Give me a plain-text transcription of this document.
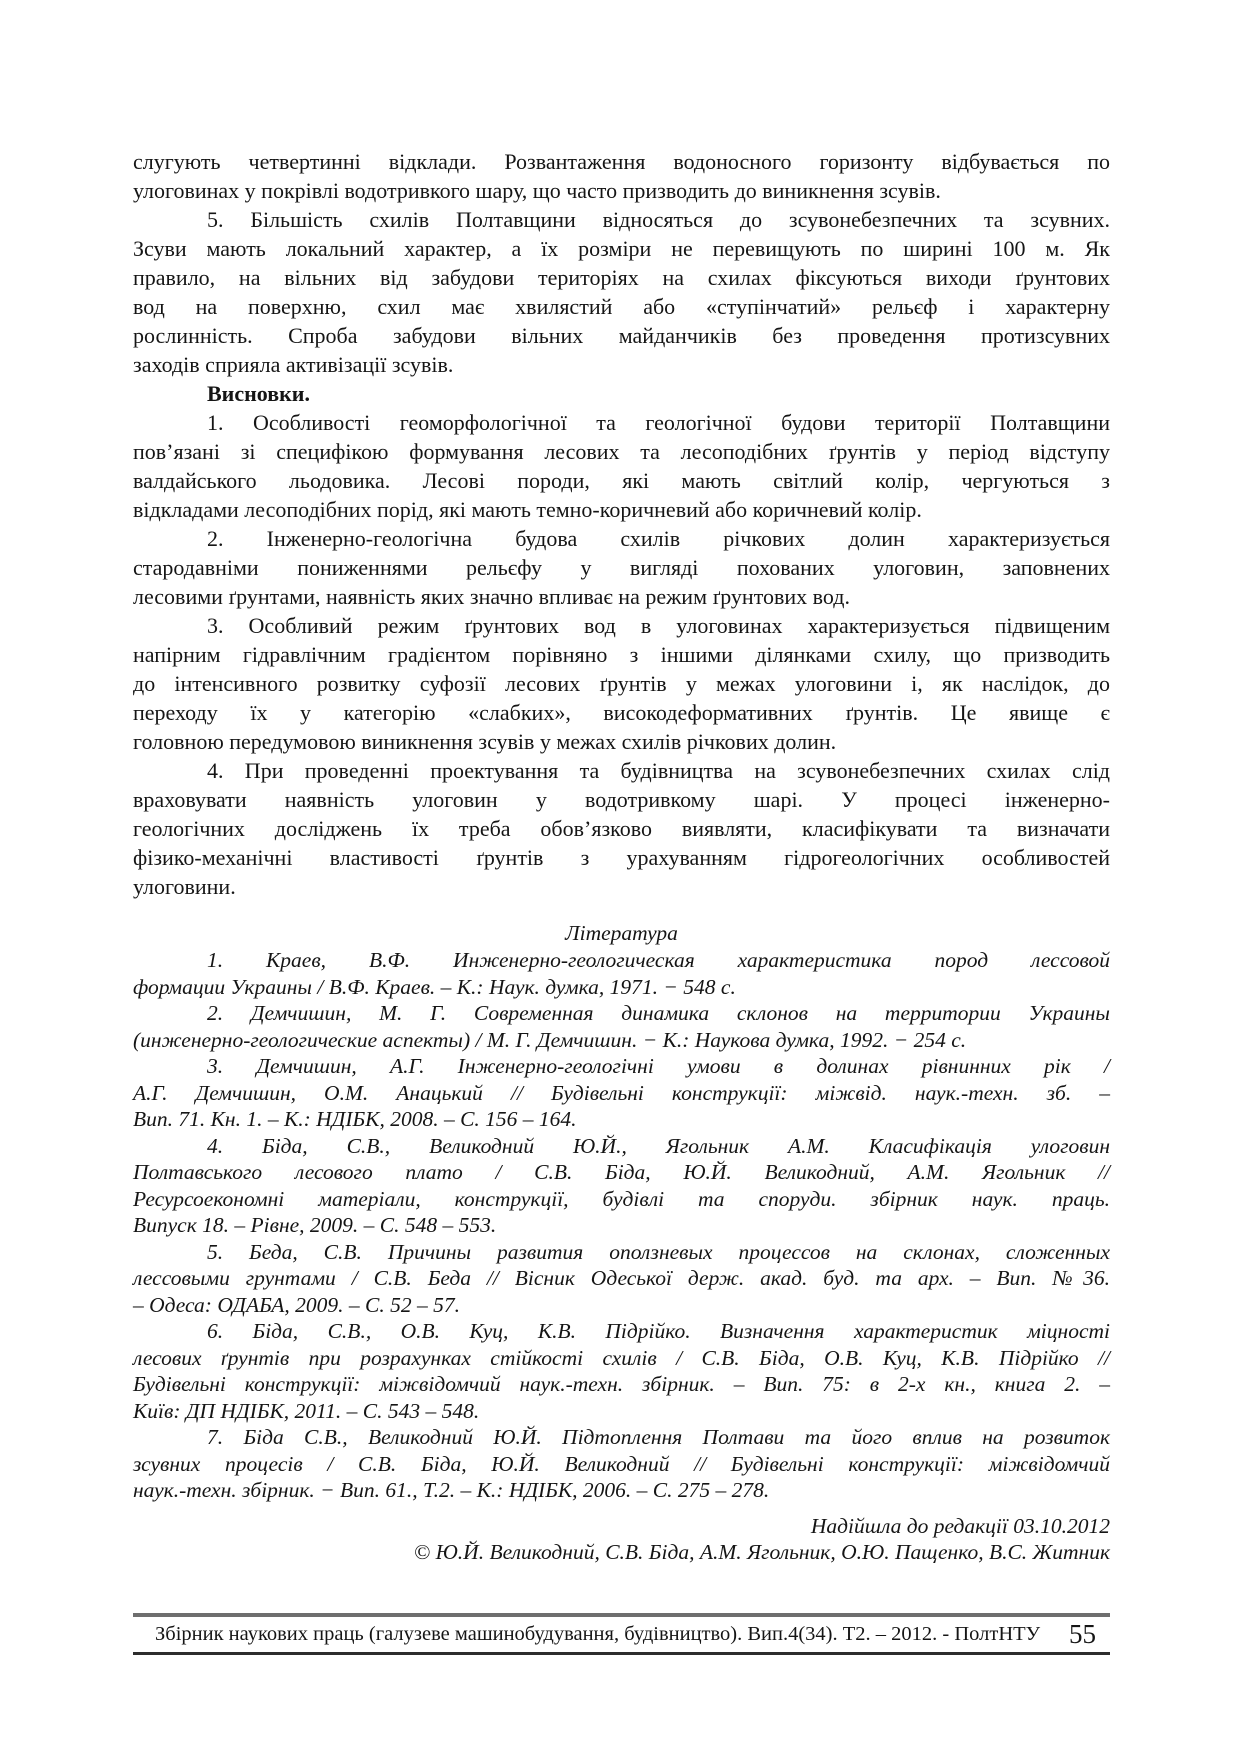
слугують четвертинні відклади. Розвантаження водоносного горизонту відбувається по
улоговинах у покрівлі водотривкого шару, що часто призводить до виникнення зсувів.
5. Більшість схилів Полтавщини відносяться до зсувонебезпечних та зсувних.
Зсуви мають локальний характер, а їх розміри не перевищують по ширині 100 м. Як
правило, на вільних від забудови територіях на схилах фіксуються виходи ґрунтових
вод на поверхню, схил має хвилястий або «ступінчатий» рельєф і характерну
рослинність. Спроба забудови вільних майданчиків без проведення протизсувних
заходів сприяла активізації зсувів.
Висновки.
1. Особливості геоморфологічної та геологічної будови території Полтавщини
пов’язані зі специфікою формування лесових та лесоподібних ґрунтів у період відступу
валдайського льодовика. Лесові породи, які мають світлий колір, чергуються з
відкладами лесоподібних порід, які мають темно-коричневий або коричневий колір.
2. Інженерно-геологічна будова схилів річкових долин характеризується
стародавніми пониженнями рельєфу у вигляді похованих улоговин, заповнених
лесовими ґрунтами, наявність яких значно впливає на режим ґрунтових вод.
3. Особливий режим ґрунтових вод в улоговинах характеризується підвищеним
напірним гідравлічним градієнтом порівняно з іншими ділянками схилу, що призводить
до інтенсивного розвитку суфозії лесових ґрунтів у межах улоговини і, як наслідок, до
переходу їх у категорію «слабких», високодеформативних ґрунтів. Це явище є
головною передумовою виникнення зсувів у межах схилів річкових долин.
4. При проведенні проектування та будівництва на зсувонебезпечних схилах слід
враховувати наявність улоговин у водотривкому шарі. У процесі інженерно-
геологічних досліджень їх треба обов’язково виявляти, класифікувати та визначати
фізико-механічні властивості ґрунтів з урахуванням гідрогеологічних особливостей
улоговини.
Література
1. Краев, В.Ф. Инженерно-геологическая характеристика пород лессовой
формации Украины / В.Ф. Краев. – К.: Наук. думка, 1971. − 548 с.
2. Демчишин, М. Г. Современная динамика склонов на территории Украины
(инженерно-геологические аспекты) / М. Г. Демчишин. − К.: Наукова думка, 1992. − 254 с.
3. Демчишин, А.Г. Інженерно-геологічні умови в долинах рівнинних рік /
А.Г. Демчишин, О.М. Анацький // Будівельні конструкції: міжвід. наук.-техн. зб. –
Вип. 71. Кн. 1. – К.: НДІБК, 2008. – С. 156 – 164.
4. Біда, С.В., Великодний Ю.Й., Ягольник А.М. Класифікація улоговин
Полтавського лесового плато / С.В. Біда, Ю.Й. Великодний, А.М. Ягольник //
Ресурсоекономні матеріали, конструкції, будівлі та споруди. збірник наук. праць.
Випуск 18. – Рівне, 2009. – С. 548 – 553.
5. Беда, С.В. Причины развития оползневых процессов на склонах, сложенных
лессовыми грунтами / С.В. Беда // Вісник Одеської держ. акад. буд. та арх. – Вип. №36.
– Одеса: ОДАБА, 2009. – С. 52 – 57.
6. Біда, С.В., О.В. Куц, К.В. Підрійко. Визначення характеристик міцності
лесових ґрунтів при розрахунках стійкості схилів / С.В. Біда, О.В. Куц, К.В. Підрійко //
Будівельні конструкції: міжвідомчий наук.-техн. збірник. – Вип. 75: в 2-х кн., книга 2. –
Київ: ДП НДІБК, 2011. – С. 543 – 548.
7. Біда С.В., Великодний Ю.Й. Підтоплення Полтави та його вплив на розвиток
зсувних процесів / С.В. Біда, Ю.Й. Великодний // Будівельні конструкції: міжвідомчий
наук.-техн. збірник. − Вип. 61., Т.2. – К.: НДІБК, 2006. – С. 275 – 278.
Надійшла до редакції 03.10.2012
© Ю.Й. Великодний, С.В. Біда, А.М. Ягольник, О.Ю. Пащенко, В.С. Житник
Збірник наукових праць (галузеве машинобудування, будівництво). Вип.4(34). Т2. – 2012. - ПолтНТУ	55
